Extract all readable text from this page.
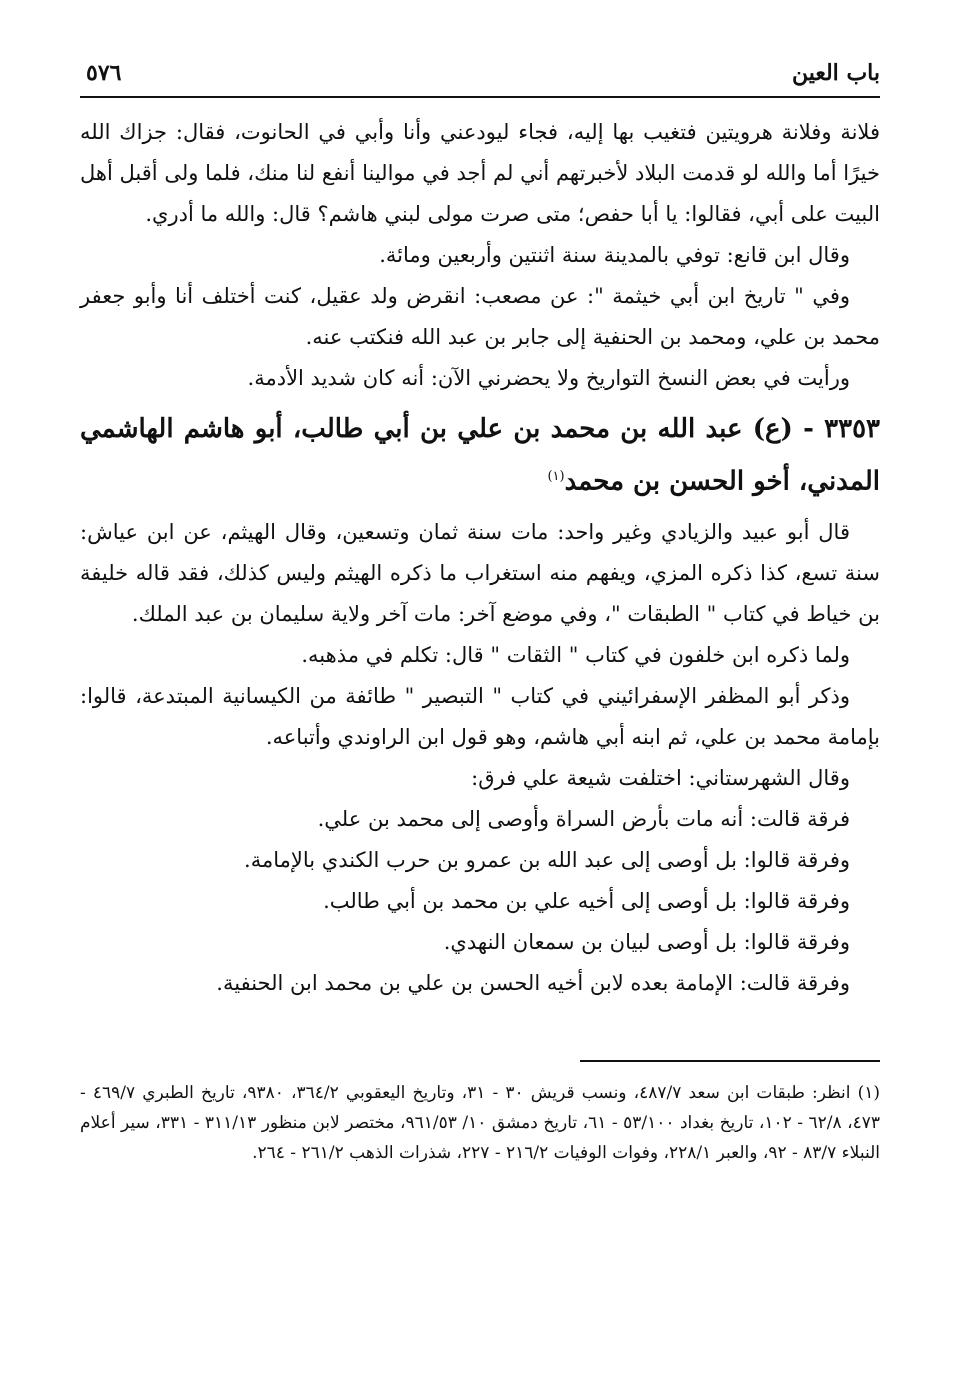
باب العين
٥٧٦

فلانة وفلانة هرويتين فتغيب بها إليه، فجاء ليودعني وأنا وأبي في الحانوت، فقال: جزاك الله خيرًا أما والله لو قدمت البلاد لأخبرتهم أني لم أجد في موالينا أنفع لنا منك، فلما ولى أقبل أهل البيت على أبي، فقالوا: يا أبا حفص؛ متى صرت مولى لبني هاشم؟ قال: والله ما أدري.

وقال ابن قانع: توفي بالمدينة سنة اثنتين وأربعين ومائة.

وفي " تاريخ ابن أبي خيثمة ": عن مصعب: انقرض ولد عقيل، كنت أختلف أنا وأبو جعفر محمد بن علي، ومحمد بن الحنفية إلى جابر بن عبد الله فنكتب عنه.

ورأيت في بعض النسخ التواريخ ولا يحضرني الآن: أنه كان شديد الأدمة.

٣٣٥٣ - (ع) عبد الله بن محمد بن علي بن أبي طالب، أبو هاشم الهاشمي المدني، أخو الحسن بن محمد$^{(١)}$

قال أبو عبيد والزيادي وغير واحد: مات سنة ثمان وتسعين، وقال الهيثم، عن ابن عياش: سنة تسع، كذا ذكره المزي، ويفهم منه استغراب ما ذكره الهيثم وليس كذلك، فقد قاله خليفة بن خياط في كتاب " الطبقات "، وفي موضع آخر: مات آخر ولاية سليمان بن عبد الملك.

ولما ذكره ابن خلفون في كتاب " الثقات " قال: تكلم في مذهبه.

وذكر أبو المظفر الإسفرائيني في كتاب " التبصير " طائفة من الكيسانية المبتدعة، قالوا: بإمامة محمد بن علي، ثم ابنه أبي هاشم، وهو قول ابن الراوندي وأتباعه.

وقال الشهرستاني: اختلفت شيعة علي فرق:

فرقة قالت: أنه مات بأرض السراة وأوصى إلى محمد بن علي.

وفرقة قالوا: بل أوصى إلى عبد الله بن عمرو بن حرب الكندي بالإمامة.

وفرقة قالوا: بل أوصى إلى أخيه علي بن محمد بن أبي طالب.

وفرقة قالوا: بل أوصى لبيان بن سمعان النهدي.

وفرقة قالت: الإمامة بعده لابن أخيه الحسن بن علي بن محمد ابن الحنفية.

(١) انظر: طبقات ابن سعد ٤٨٧/٧، ونسب قريش ٣٠ - ٣١، وتاريخ اليعقوبي ٣٦٤/٢، ٩٣٨٠، تاريخ الطبري ٤٦٩/٧ - ٤٧٣، ٦٢/٨ - ١٠٢، تاريخ بغداد ٥٣/١٠٠ - ٦١، تاريخ دمشق ١٠/ ٩٦١/٥٣، مختصر لابن منظور ٣١١/١٣ - ٣٣١، سير أعلام النبلاء ٨٣/٧ - ٩٢، والعبر ٢٢٨/١، وفوات الوفيات ٢١٦/٢ - ٢٢٧، شذرات الذهب ٢٦١/٢ - ٢٦٤.
